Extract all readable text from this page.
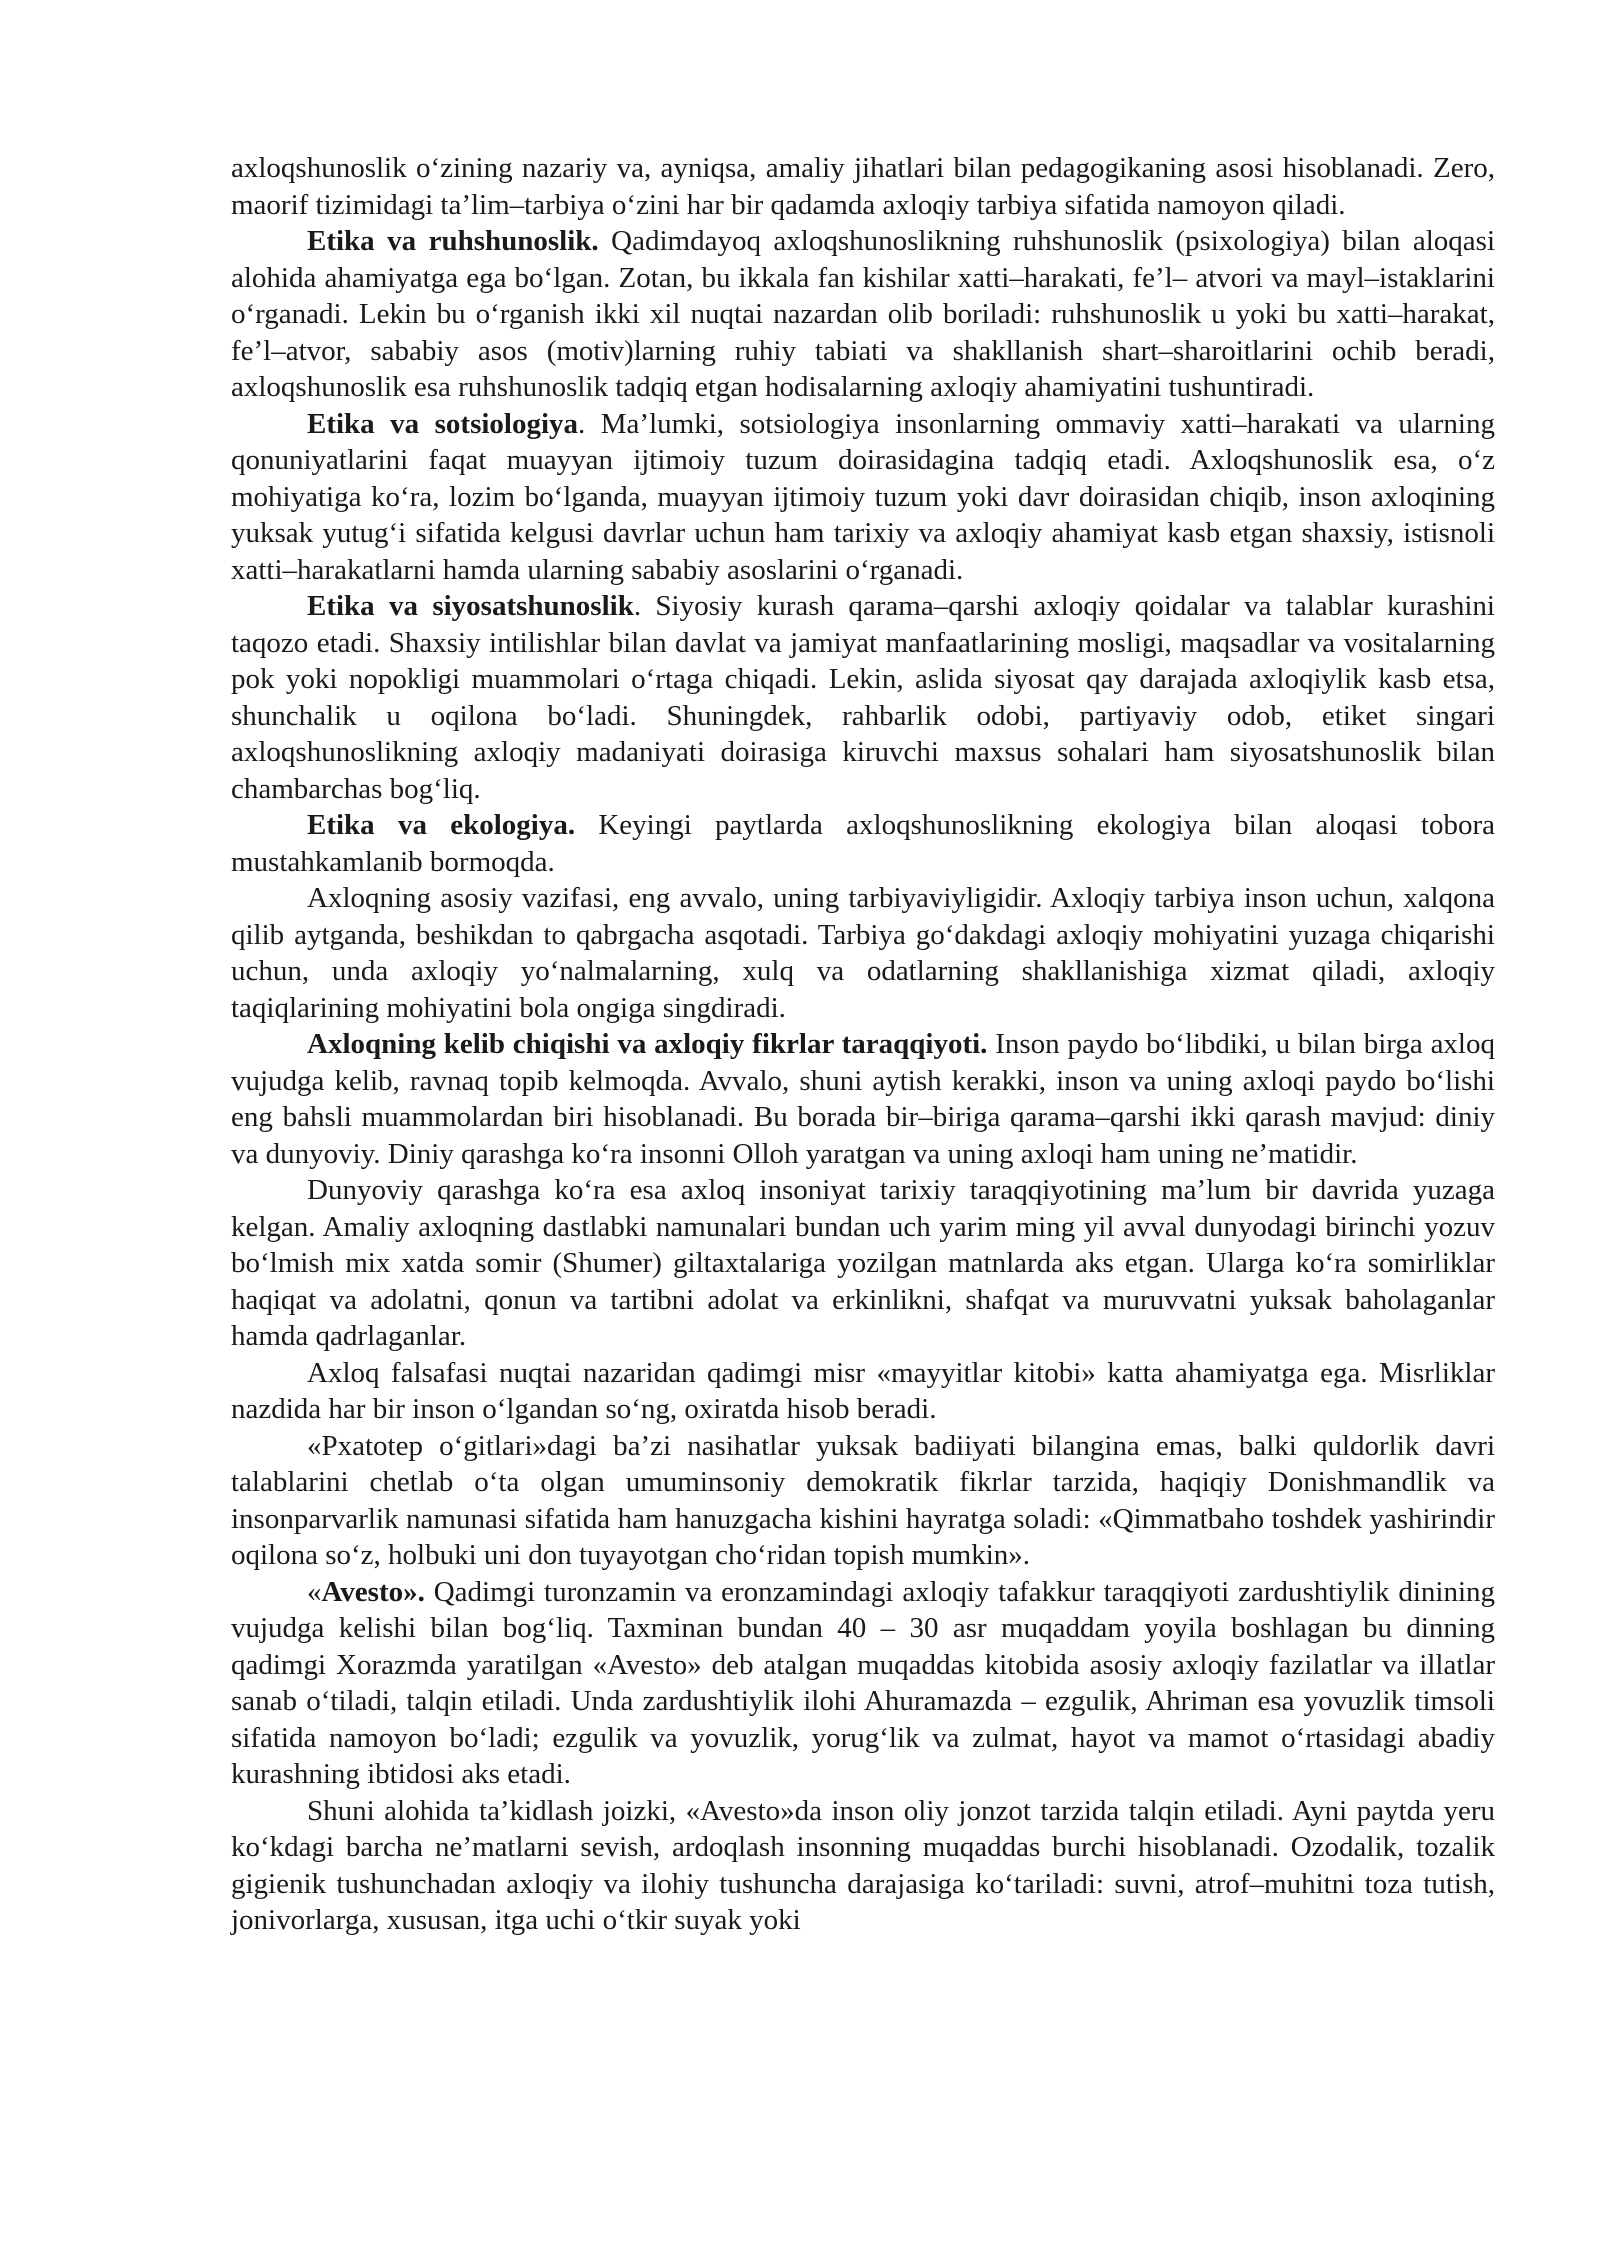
axloqshunoslik o‘zining nazariy va, ayniqsa, amaliy jihatlari bilan pedagogikaning asosi hisoblanadi. Zero, maorif tizimidagi ta’lim–tarbiya o‘zini har bir qadamda axloqiy tarbiya sifatida namoyon qiladi.

Etika va ruhshunoslik. Qadimdayoq axloqshunoslikning ruhshunoslik (psixologiya) bilan aloqasi alohida ahamiyatga ega bo‘lgan. Zotan, bu ikkala fan kishilar xatti–harakati, fe’l– atvori va mayl–istaklarini o‘rganadi. Lekin bu o‘rganish ikki xil nuqtai nazardan olib boriladi: ruhshunoslik u yoki bu xatti–harakat, fe’l–atvor, sababiy asos (motiv)larning ruhiy tabiati va shakllanish shart–sharoitlarini ochib beradi, axloqshunoslik esa ruhshunoslik tadqiq etgan hodisalarning axloqiy ahamiyatini tushuntiradi.

Etika va sotsiologiya. Ma’lumki, sotsiologiya insonlarning ommaviy xatti–harakati va ularning qonuniyatlarini faqat muayyan ijtimoiy tuzum doirasidagina tadqiq etadi. Axloqshunoslik esa, o‘z mohiyatiga ko‘ra, lozim bo‘lganda, muayyan ijtimoiy tuzum yoki davr doirasidan chiqib, inson axloqining yuksak yutug‘i sifatida kelgusi davrlar uchun ham tarixiy va axloqiy ahamiyat kasb etgan shaxsiy, istisnoli xatti–harakatlarni hamda ularning sababiy asoslarini o‘rganadi.

Etika va siyosatshunoslik. Siyosiy kurash qarama–qarshi axloqiy qoidalar va talablar kurashini taqozo etadi. Shaxsiy intilishlar bilan davlat va jamiyat manfaatlarining mosligi, maqsadlar va vositalarning pok yoki nopokligi muammolari o‘rtaga chiqadi. Lekin, aslida siyosat qay darajada axloqiylik kasb etsa, shunchalik u oqilona bo‘ladi. Shuningdek, rahbarlik odobi, partiyaviy odob, etiket singari axloqshunoslikning axloqiy madaniyati doirasiga kiruvchi maxsus sohalari ham siyosatshunoslik bilan chambarchas bog‘liq.

Etika va ekologiya. Keyingi paytlarda axloqshunoslikning ekologiya bilan aloqasi tobora mustahkamlanib bormoqda.

Axloqning asosiy vazifasi, eng avvalo, uning tarbiyaviyligidir. Axloqiy tarbiya inson uchun, xalqona qilib aytganda, beshikdan to qabrgacha asqotadi. Tarbiya go‘dakdagi axloqiy mohiyatini yuzaga chiqarishi uchun, unda axloqiy yo‘nalmalarning, xulq va odatlarning shakllanishiga xizmat qiladi, axloqiy taqiqlarining mohiyatini bola ongiga singdiradi.

Axloqning kelib chiqishi va axloqiy fikrlar taraqqiyoti. Inson paydo bo‘libdiki, u bilan birga axloq vujudga kelib, ravnaq topib kelmoqda. Avvalo, shuni aytish kerakki, inson va uning axloqi paydo bo‘lishi eng bahsli muammolardan biri hisoblanadi. Bu borada bir–biriga qarama–qarshi ikki qarash mavjud: diniy va dunyoviy. Diniy qarashga ko‘ra insonni Olloh yaratgan va uning axloqi ham uning ne’matidir.

Dunyoviy qarashga ko‘ra esa axloq insoniyat tarixiy taraqqiyotining ma’lum bir davrida yuzaga kelgan. Amaliy axloqning dastlabki namunalari bundan uch yarim ming yil avval dunyodagi birinchi yozuv bo‘lmish mix xatda somir (Shumer) giltaxtalariga yozilgan matnlarda aks etgan. Ularga ko‘ra somirliklar haqiqat va adolatni, qonun va tartibni adolat va erkinlikni, shafqat va muruvvatni yuksak baholaganlar hamda qadrlaganlar.

Axloq falsafasi nuqtai nazaridan qadimgi misr «mayyitlar kitobi» katta ahamiyatga ega. Misrliklar nazdida har bir inson o‘lgandan so‘ng, oxiratda hisob beradi.

«Pxatotep o‘gitlari»dagi ba’zi nasihatlar yuksak badiiyati bilangina emas, balki quldorlik davri talablarini chetlab o‘ta olgan umuminsoniy demokratik fikrlar tarzida, haqiqiy Donishmandlik va insonparvarlik namunasi sifatida ham hanuzgacha kishini hayratga soladi: «Qimmatbaho toshdek yashirindir oqilona so‘z, holbuki uni don tuyayotgan cho‘ridan topish mumkin».

«Avesto». Qadimgi turonzamin va eronzamindagi axloqiy tafakkur taraqqiyoti zardushtiylik dinining vujudga kelishi bilan bog‘liq. Taxminan bundan 40 – 30 asr muqaddam yoyila boshlagan bu dinning qadimgi Xorazmda yaratilgan «Avesto» deb atalgan muqaddas kitobida asosiy axloqiy fazilatlar va illatlar sanab o‘tiladi, talqin etiladi. Unda zardushtiylik ilohi Ahuramazda – ezgulik, Ahriman esa yovuzlik timsoli sifatida namoyon bo‘ladi; ezgulik va yovuzlik, yorug‘lik va zulmat, hayot va mamot o‘rtasidagi abadiy kurashning ibtidosi aks etadi.

Shuni alohida ta’kidlash joizki, «Avesto»da inson oliy jonzot tarzida talqin etiladi. Ayni paytda yeru ko‘kdagi barcha ne’matlarni sevish, ardoqlash insonning muqaddas burchi hisoblanadi. Ozodalik, tozalik gigienik tushunchadan axloqiy va ilohiy tushuncha darajasiga ko‘tariladi: suvni, atrof–muhitni toza tutish, jonivorlarga, xususan, itga uchi o‘tkir suyak yoki
